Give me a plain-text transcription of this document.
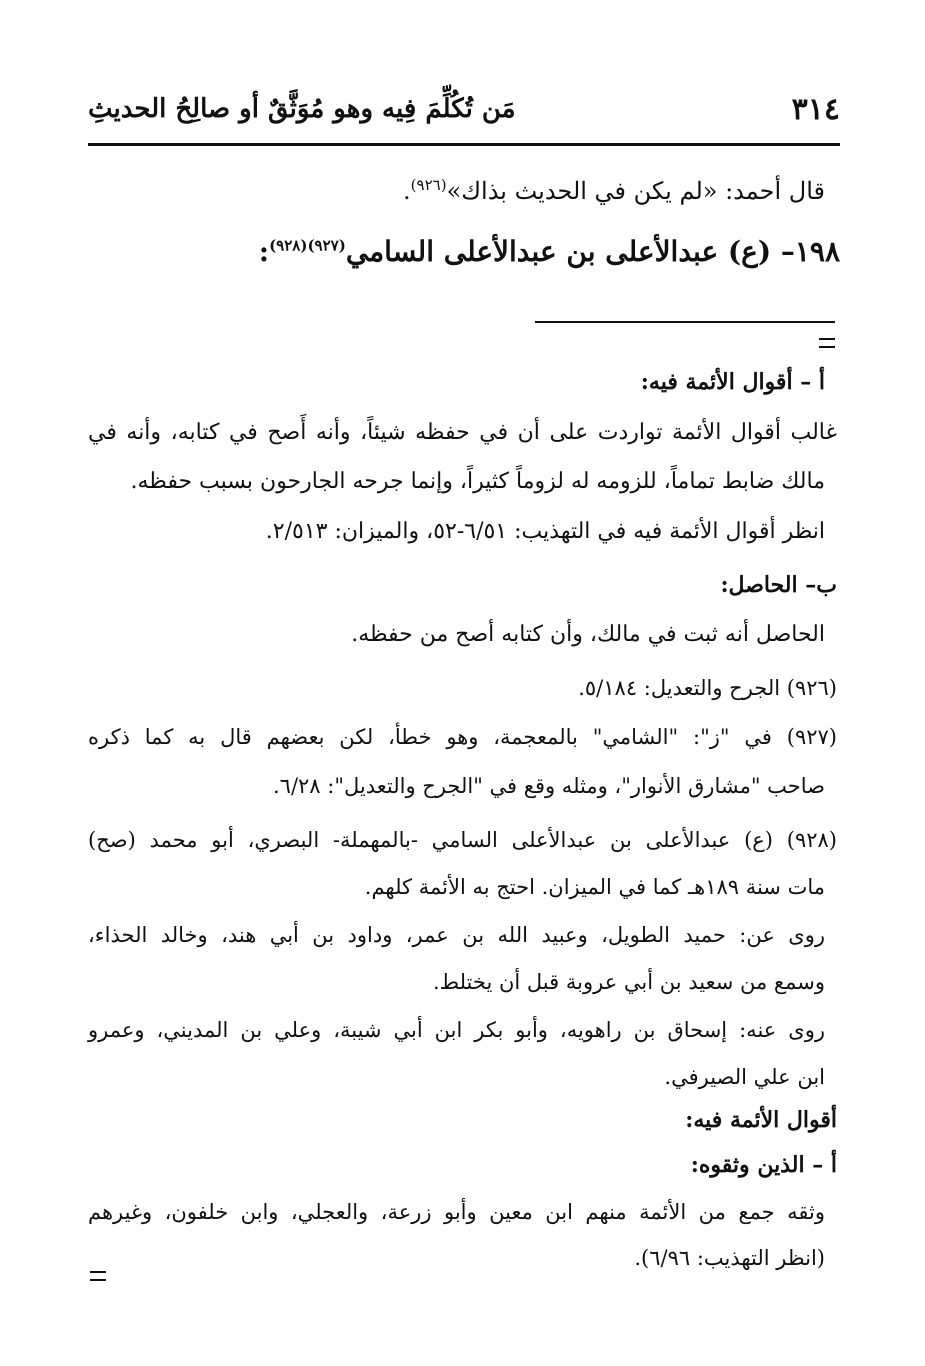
٣١٤
مَن تُكُلِّمَ فِيه وهو مُوَثَّقٌ أو صالِحُ الحديثِ
قال أحمد: «لم يكن في الحديث بذاك»$^{(٩٢٦)}$.
١٩٨– (ع) عبدالأعلى بن عبدالأعلى السامي$^{(٩٢٧)(٩٢٨)}$:
أ – أقوال الأئمة فيه:
غالب أقوال الأئمة تواردت على أن في حفظه شيئاً، وأنه أَصح في كتابه، وأنه في
مالك ضابط تماماً، للزومه له لزوماً كثيراً، وإنما جرحه الجارحون بسبب حفظه.
انظر أقوال الأئمة فيه في التهذيب: ٦/٥١-٥٢، والميزان: ٢/٥١٣.
ب– الحاصل:
الحاصل أنه ثبت في مالك، وأن كتابه أصح من حفظه.
(٩٢٦) الجرح والتعديل: ٥/١٨٤.
(٩٢٧) في "ز": "الشامي" بالمعجمة، وهو خطأ، لكن بعضهم قال به كما ذكره
صاحب "مشارق الأنوار"، ومثله وقع في "الجرح والتعديل": ٦/٢٨.
(٩٢٨) (ع) عبدالأعلى بن عبدالأعلى السامي -بالمهملة- البصري، أبو محمد (صح)
مات سنة ١٨٩هـ كما في الميزان. احتج به الأئمة كلهم.
روى عن: حميد الطويل، وعبيد الله بن عمر، وداود بن أبي هند، وخالد الحذاء،
وسمع من سعيد بن أبي عروبة قبل أن يختلط.
روى عنه: إسحاق بن راهويه، وأبو بكر ابن أبي شيبة، وعلي بن المديني، وعمرو
ابن علي الصيرفي.
أقوال الأئمة فيه:
أ – الذين وثقوه:
وثقه جمع من الأئمة منهم ابن معين وأبو زرعة، والعجلي، وابن خلفون، وغيرهم
(انظر التهذيب: ٦/٩٦).
